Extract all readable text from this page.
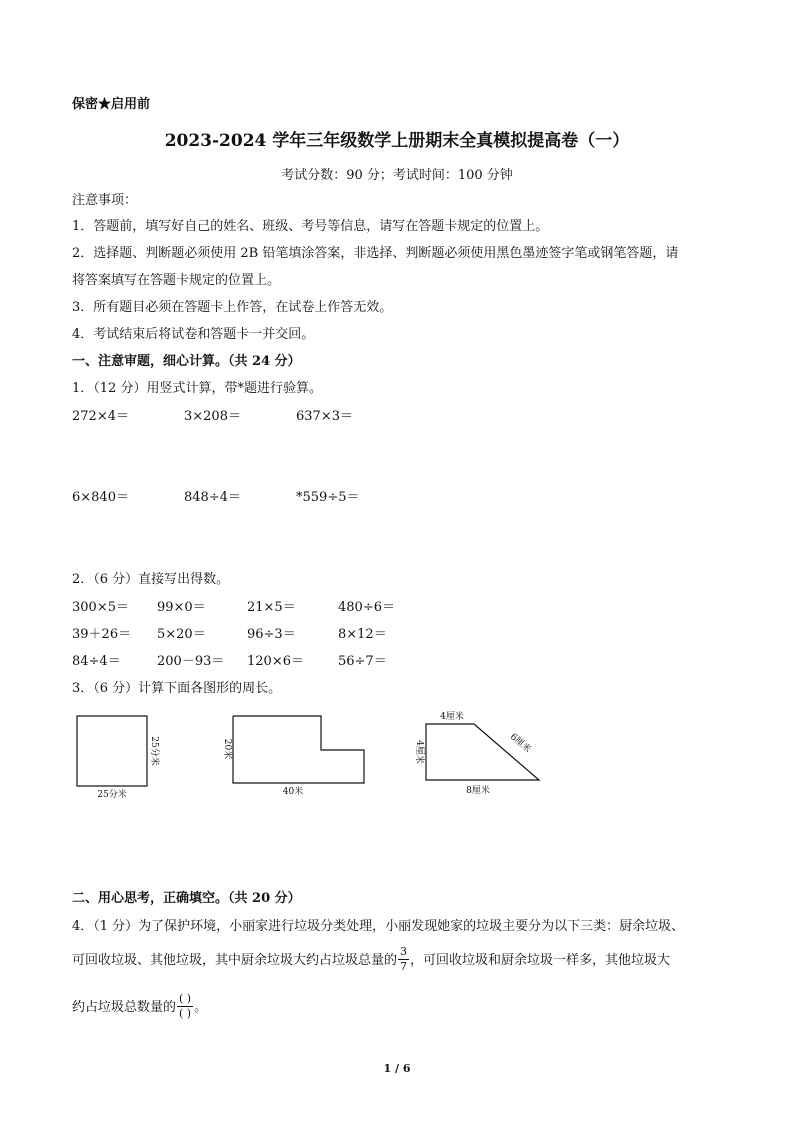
保密★启用前
2023-2024 学年三年级数学上册期末全真模拟提高卷（一）
考试分数：90 分；考试时间：100 分钟
注意事项：
1．答题前，填写好自己的姓名、班级、考号等信息，请写在答题卡规定的位置上。
2．选择题、判断题必须使用 2B 铅笔填涂答案，非选择、判断题必须使用黑色墨迹签字笔或钢笔答题，请
将答案填写在答题卡规定的位置上。
3．所有题目必须在答题卡上作答，在试卷上作答无效。
4．考试结束后将试卷和答题卡一并交回。
一、注意审题，细心计算。（共 24 分）
1．（12 分）用竖式计算，带*题进行验算。
272×4＝	3×208＝	637×3＝
6×840＝	848÷4＝	*559÷5＝
2．（6 分）直接写出得数。
300×5＝ 99×0＝	21×5＝	480÷6＝
39＋26＝ 5×20＝	96÷3＝	8×12＝
84÷4＝	200－93＝ 120×6＝	56÷7＝
3．（6 分）计算下面各图形的周长。
25分米
25分米
20米
40米
4厘米
4厘米	6厘米
8厘米
二、用心思考，正确填空。（共 20 分）
4．（1 分）为了保护环境，小丽家进行垃圾分类处理，小丽发现她家的垃圾主要分为以下三类：厨余垃圾、
可回收垃圾、其他垃圾，其中厨余垃圾大约占垃圾总量的 $\frac{3}{7}$ ，可回收垃圾和厨余垃圾一样多，其他垃圾大
约占垃圾总数量的 $\frac{( )}{( )}$ 。
1 / 6
